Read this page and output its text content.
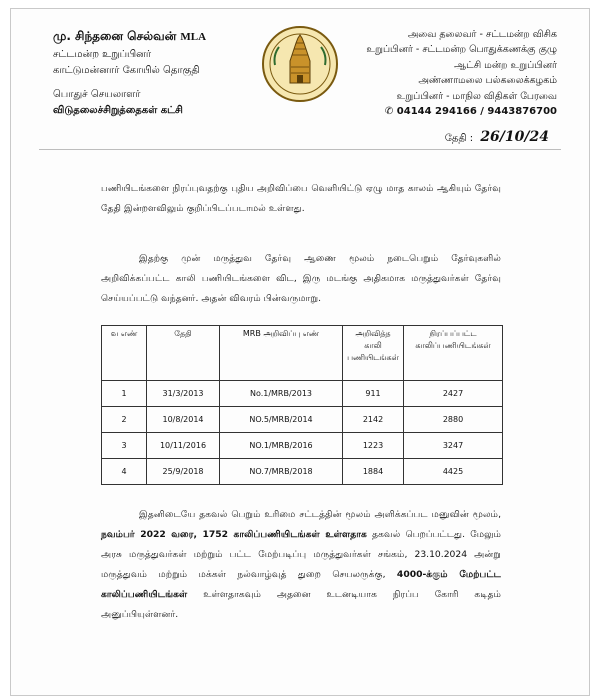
மு. சிந்தனை செல்வன் MLA
சட்டமன்ற உறுப்பினர்
காட்டுமன்னார் கோயில் தொகுதி
பொதுச் செயலாளர்
விடுதலைச்சிறுத்தைகள் கட்சி
அவை தலைவர் - சட்டமன்ற விசிக
உறுப்பினர் - சட்டமன்ற பொதுக்கணக்கு குழு
ஆட்சி மன்ற உறுப்பினர்
அண்ணாமலை பல்கலைக்கழகம்
உறுப்பினர் - மாநில விதிகள் பேரவை
✆ 04144 294166 / 9443876700
தேதி : 26/10/24
பணியிடங்களை நிரப்புவதற்கு புதிய அறிவிப்பை வெளியிட்டு ஏழு மாத காலம் ஆகியும் தேர்வு தேதி இன்றளவிலும் குறிப்பிடப்படாமல் உள்ளது.
இதற்கு முன் மருத்துவ தேர்வு ஆணை மூலம் நடைபெறும் தேர்வுகளில் அறிவிக்கப்பட்ட காலி பணியிடங்களை விட, இரு மடங்கு அதிகமாக மருத்துவர்கள் தேர்வு செய்யப்பட்டு வந்தனர். அதன் விவரம் பின்வருமாறு.
வ எண்	தேதி	MRB அறிவிப்பு எண்	அறிவித்த காலி பணியிடங்கள்	நிரப்பப்பட்ட காலிப்பணியிடங்கள்
1	31/3/2013	No.1/MRB/2013	911	2427
2	10/8/2014	NO.5/MRB/2014	2142	2880
3	10/11/2016	NO.1/MRB/2016	1223	3247
4	25/9/2018	NO.7/MRB/2018	1884	4425
இதனிடையே தகவல் பெறும் உரிமை சட்டத்தின் மூலம் அளிக்கப்பட மனுவின் மூலம், நவம்பர் 2022 வரை, 1752 காலிப்பணியிடங்கள் உள்ளதாக தகவல் பெறப்பட்டது. மேலும் அரசு மருத்துவர்கள் மற்றும் பட்ட மேற்படிப்பு மருத்துவர்கள் சங்கம், 23.10.2024 அன்று மருத்துவம் மற்றும் மக்கள் நல்வாழ்வுத் துறை செயலருக்கு, 4000-க்கும் மேற்பட்ட காலிப்பணியிடங்கள் உள்ளதாகவும் அதனை உடனடியாக நிரப்ப கோரி கடிதம் அனுப்பியுள்ளனர்.
